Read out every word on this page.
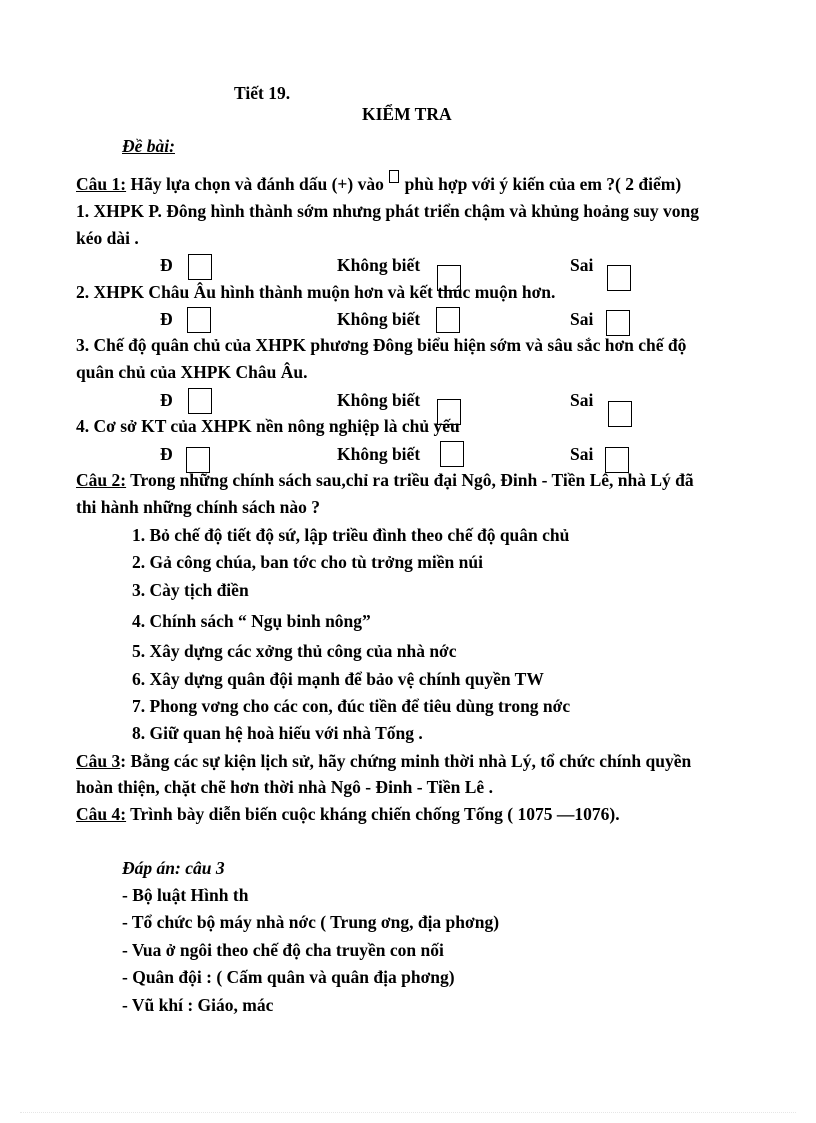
Tiết 19.
KIỂM TRA
Đề bài:
Câu 1: Hãy lựa chọn và đánh dấu (+) vào  phù hợp với ý kiến của em ?( 2 điểm)
1. XHPK P. Đông hình thành sớm nhưng phát triển chậm và khủng hoảng suy vong
kéo dài .
Đ	Không biết	Sai
2. XHPK Châu Âu hình thành muộn hơn và kết thúc muộn hơn.
Đ	Không biết	Sai
3. Chế độ quân chủ của XHPK phương Đông biểu hiện sớm và sâu sắc hơn chế độ
quân chủ của XHPK Châu Âu.
Đ	Không biết	Sai
4. Cơ sở KT của XHPK nền nông nghiệp là chủ yếu
Đ	Không biết	Sai
Câu 2: Trong những chính sách sau,chỉ ra triều đại Ngô, Đinh - Tiền Lê, nhà Lý đã
thi hành những chính sách nào ?
1. Bỏ chế độ tiết độ sứ, lập triều đình theo chế độ quân chủ
2. Gả công chúa, ban tớc cho tù trởng miền núi
3. Cày tịch điền
4. Chính sách “ Ngụ binh nông”
5. Xây dựng các xởng thủ công của nhà nớc
6. Xây dựng quân đội mạnh để bảo vệ chính quyền TW
7. Phong vơng cho các con, đúc tiền để tiêu dùng trong nớc
8. Giữ quan hệ hoà hiếu với nhà Tống .
Câu 3: Bằng các sự kiện lịch sử, hãy chứng minh thời nhà Lý, tổ chức chính quyền
hoàn thiện, chặt chẽ hơn thời nhà Ngô - Đinh - Tiền Lê .
Câu 4: Trình bày diễn biến cuộc kháng chiến chống Tống ( 1075 —1076).
Đáp án: câu 3
- Bộ luật Hình th
- Tổ chức bộ máy nhà nớc ( Trung ơng, địa phơng)
- Vua ở ngôi theo chế độ cha truyền con nối
- Quân đội : ( Cấm quân và quân địa phơng)
- Vũ khí : Giáo, mác
